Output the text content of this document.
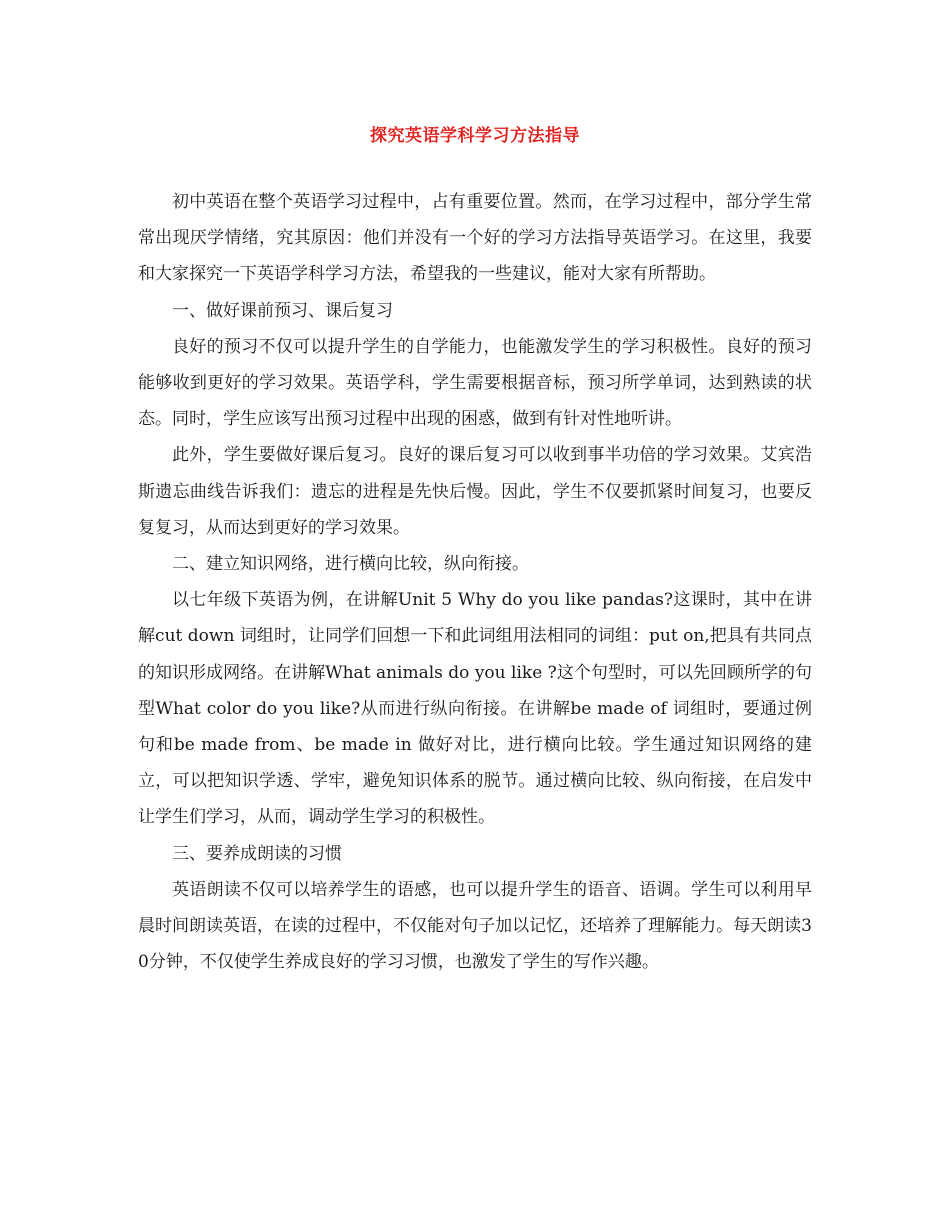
探究英语学科学习方法指导

初中英语在整个英语学习过程中，占有重要位置。然而，在学习过程中，部分学生常常出现厌学情绪，究其原因：他们并没有一个好的学习方法指导英语学习。在这里，我要和大家探究一下英语学科学习方法，希望我的一些建议，能对大家有所帮助。

一、做好课前预习、课后复习

良好的预习不仅可以提升学生的自学能力，也能激发学生的学习积极性。良好的预习能够收到更好的学习效果。英语学科，学生需要根据音标，预习所学单词，达到熟读的状态。同时，学生应该写出预习过程中出现的困惑，做到有针对性地听讲。

此外，学生要做好课后复习。良好的课后复习可以收到事半功倍的学习效果。艾宾浩斯遗忘曲线告诉我们：遗忘的进程是先快后慢。因此，学生不仅要抓紧时间复习，也要反复复习，从而达到更好的学习效果。

二、建立知识网络，进行横向比较，纵向衔接。

以七年级下英语为例，在讲解Unit 5 Why do you like pandas?这课时，其中在讲解cut down 词组时，让同学们回想一下和此词组用法相同的词组：put on,把具有共同点的知识形成网络。在讲解What animals do you like ?这个句型时，可以先回顾所学的句型What color do you like?从而进行纵向衔接。在讲解be made of 词组时，要通过例句和be made from、be made in 做好对比，进行横向比较。学生通过知识网络的建立，可以把知识学透、学牢，避免知识体系的脱节。通过横向比较、纵向衔接，在启发中让学生们学习，从而，调动学生学习的积极性。

三、要养成朗读的习惯

英语朗读不仅可以培养学生的语感，也可以提升学生的语音、语调。学生可以利用早晨时间朗读英语，在读的过程中，不仅能对句子加以记忆，还培养了理解能力。每天朗读30分钟，不仅使学生养成良好的学习习惯，也激发了学生的写作兴趣。
